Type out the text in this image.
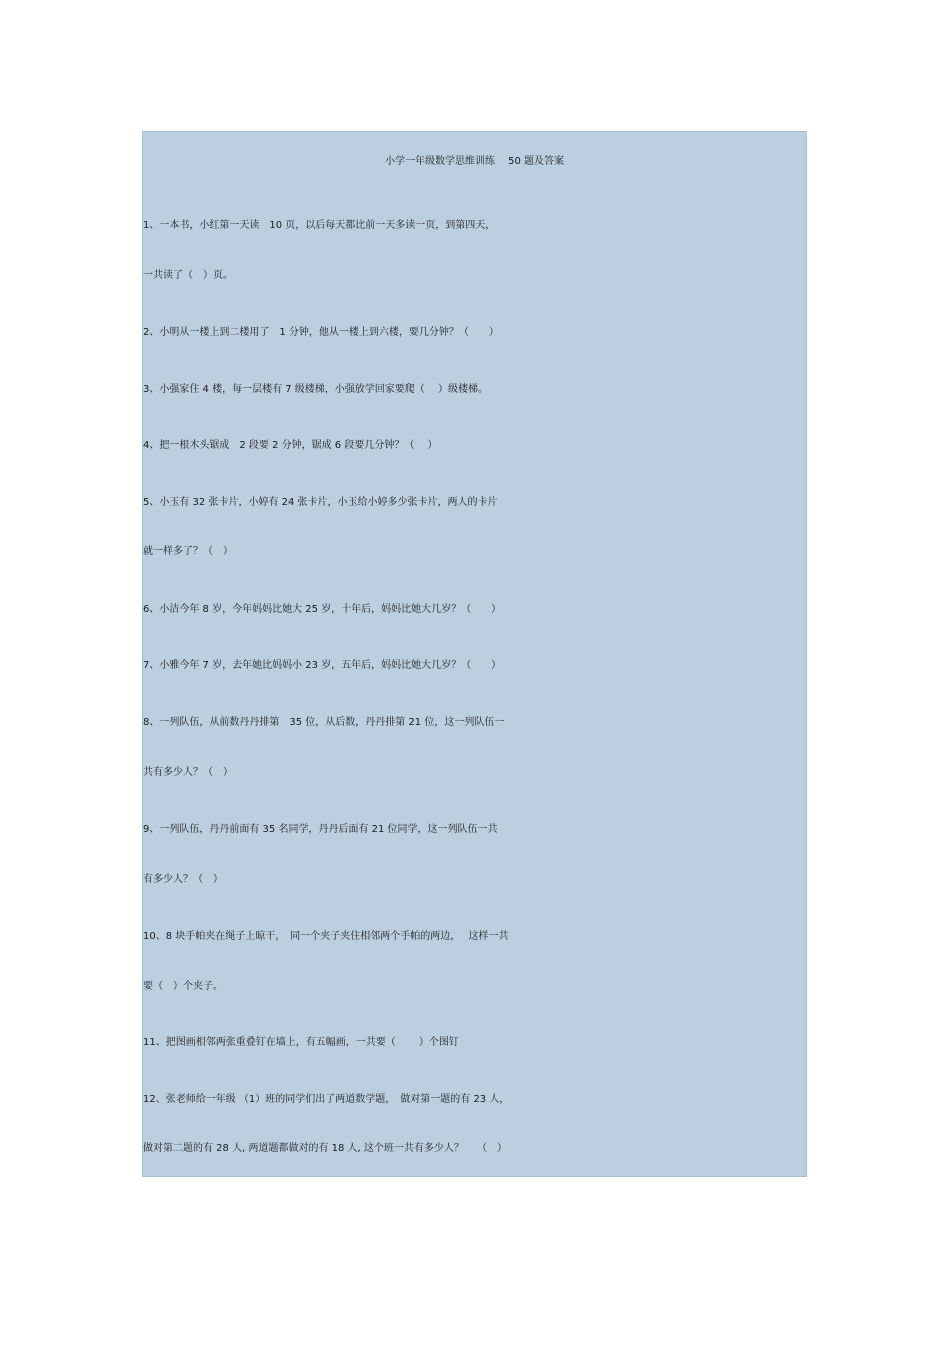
小学一年级数学思维训练　 50 题及答案
1、一本书，小红第一天读　10 页，以后每天都比前一天多读一页，到第四天，
一共读了（　）页。
2、小明从一楼上到二楼用了　1 分钟，他从一楼上到六楼，要几分钟？（　　）
3、小强家住 4 楼，每一层楼有 7 级楼梯，小强放学回家要爬（　 ）级楼梯。
4、把一根木头锯成　2 段要 2 分钟，锯成 6 段要几分钟？（　 ）
5、小玉有 32 张卡片，小婷有 24 张卡片，小玉给小婷多少张卡片，两人的卡片
就一样多了？（　）
6、小洁今年 8 岁，今年妈妈比她大 25 岁，十年后，妈妈比她大几岁？（　　）
7、小雅今年 7 岁，去年她比妈妈小 23 岁，五年后，妈妈比她大几岁？（　　）
8、一列队伍，从前数丹丹排第　35 位，从后数，丹丹排第 21 位，这一列队伍一
共有多少人？（　）
9、一列队伍，丹丹前面有 35 名同学，丹丹后面有 21 位同学，这一列队伍一共
有多少人？（　）
10、8 块手帕夹在绳子上晾干，　同一个夹子夹住相邻两个手帕的两边，　 这样一共
要（　）个夹子。
11、把图画相邻两张重叠钉在墙上，有五幅画，一共要（　　 ）个图钉
12、张老师给一年级 （1）班的同学们出了两道数学题，　做对第一题的有 23 人，
做对第二题的有 28 人, 两道题都做对的有 18 人, 这个班一共有多少人？　 （　）
